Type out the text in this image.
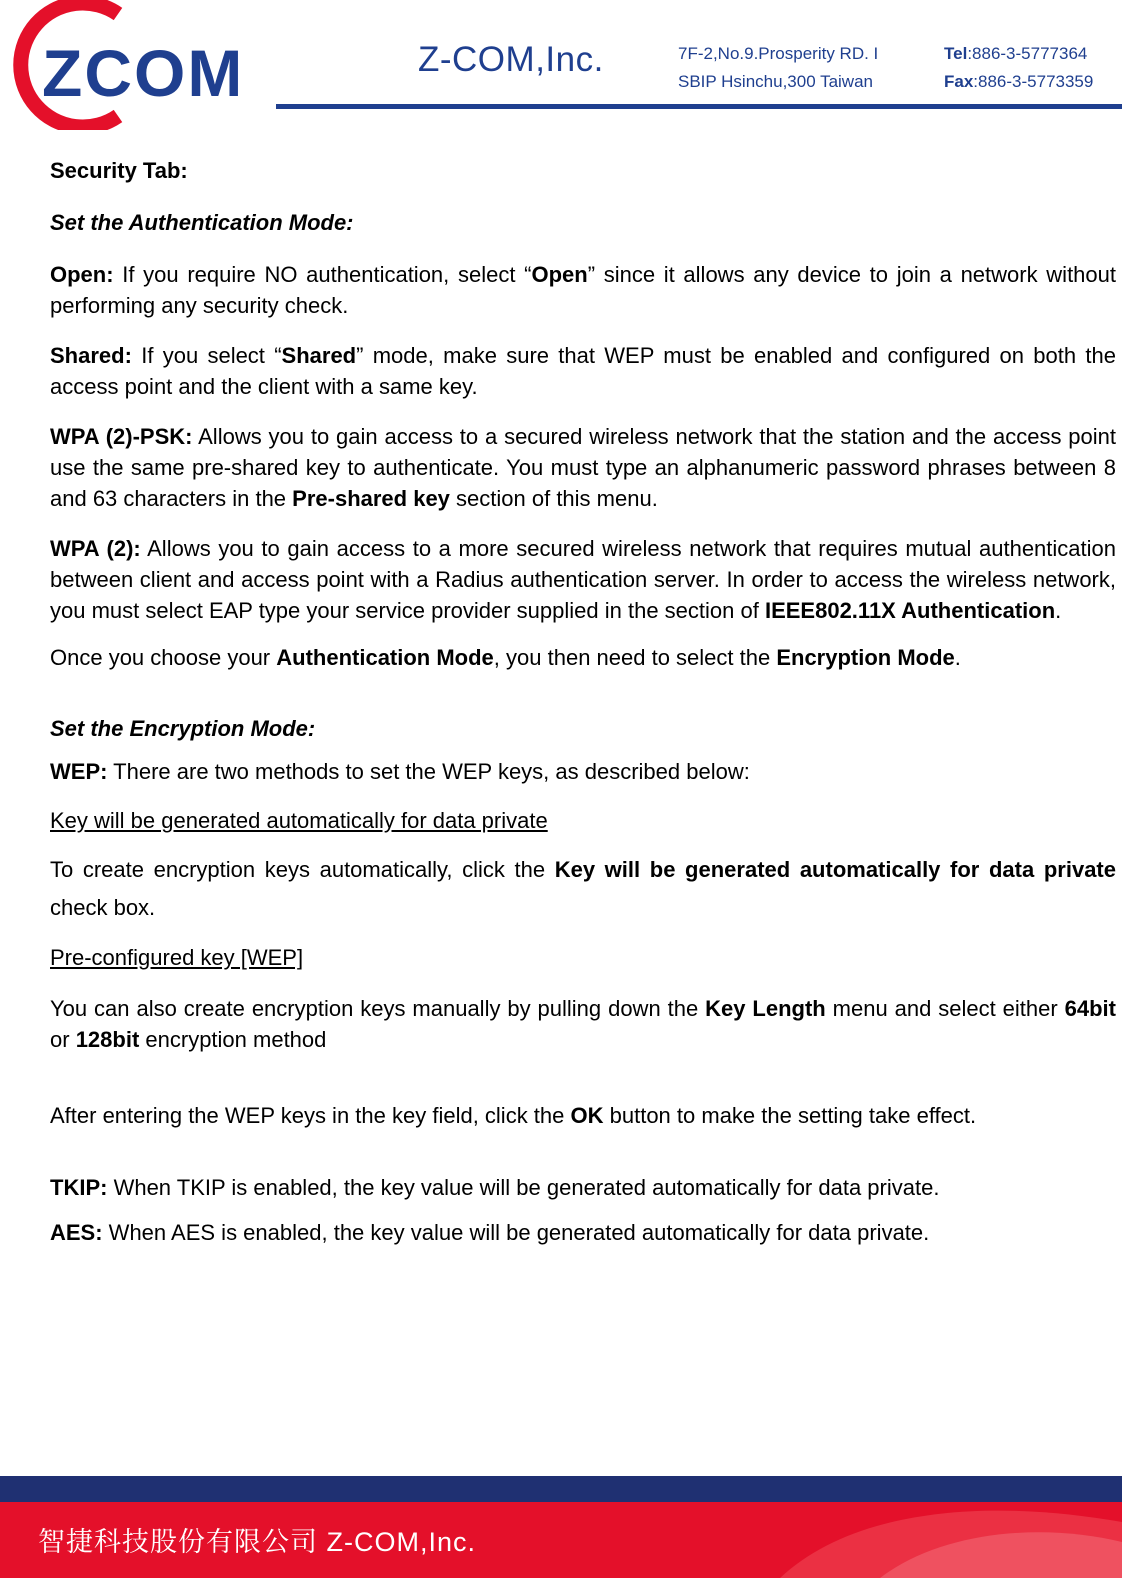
ZCOM	Z-COM,Inc.	7F-2,No.9.Prosperity RD. I
SBIP Hsinchu,300 Taiwan
Tel:886-3-5777364
Fax:886-3-5773359

Security Tab:

Set the Authentication Mode:

Open: If you require NO authentication, select “Open” since it allows any device to join a network without performing any security check.

Shared: If you select “Shared” mode, make sure that WEP must be enabled and configured on both the access point and the client with a same key.

WPA (2)-PSK: Allows you to gain access to a secured wireless network that the station and the access point use the same pre-shared key to authenticate. You must type an alphanumeric password phrases between 8 and 63 characters in the Pre-shared key section of this menu.

WPA (2): Allows you to gain access to a more secured wireless network that requires mutual authentication between client and access point with a Radius authentication server. In order to access the wireless network, you must select EAP type your service provider supplied in the section of IEEE802.11X Authentication.

Once you choose your Authentication Mode, you then need to select the Encryption Mode.

Set the Encryption Mode:

WEP: There are two methods to set the WEP keys, as described below:

Key will be generated automatically for data private

To create encryption keys automatically, click the Key will be generated automatically for data private check box.

Pre-configured key [WEP]

You can also create encryption keys manually by pulling down the Key Length menu and select either 64bit or 128bit encryption method

After entering the WEP keys in the key field, click the OK button to make the setting take effect.

TKIP: When TKIP is enabled, the key value will be generated automatically for data private.

AES: When AES is enabled, the key value will be generated automatically for data private.

智捷科技股份有限公司 Z-COM,Inc.
